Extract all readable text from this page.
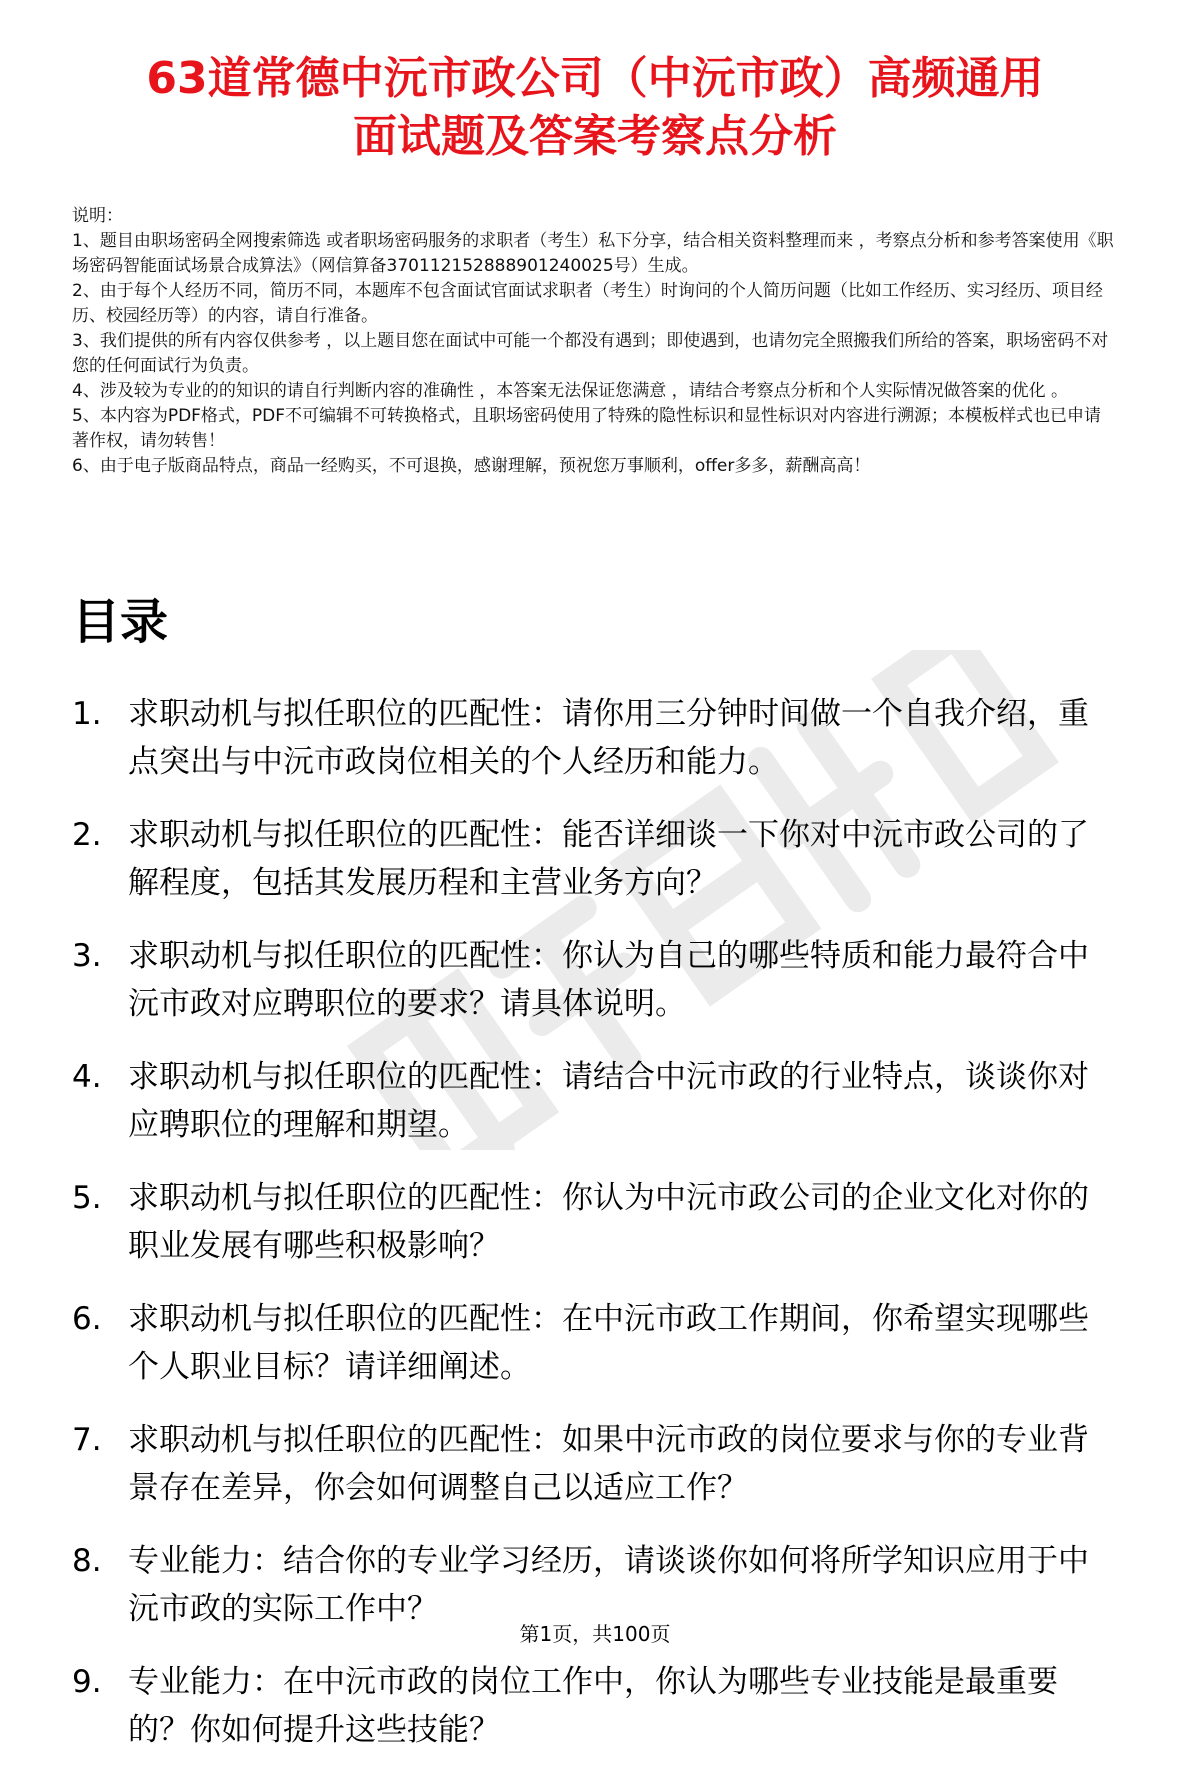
63道常德中沅市政公司（中沅市政）高频通用
面试题及答案考察点分析

说明：

1、题目由职场密码全网搜索筛选 或者职场密码服务的求职者（考生）私下分享，结合相关资料整理而来 ，考察点分析和参考答案使用《职场密码智能面试场景合成算法》（网信算备370112152888901240025号）生成。

2、由于每个人经历不同，简历不同，本题库不包含面试官面试求职者（考生）时询问的个人简历问题（比如工作经历、实习经历、项目经历、校园经历等）的内容，请自行准备。

3、我们提供的所有内容仅供参考 ，以上题目您在面试中可能一个都没有遇到；即使遇到，也请勿完全照搬我们所给的答案，职场密码不对您的任何面试行为负责。

4、涉及较为专业的的知识的请自行判断内容的准确性 ，本答案无法保证您满意 ，请结合考察点分析和个人实际情况做答案的优化 。

5、本内容为PDF格式，PDF不可编辑不可转换格式，且职场密码使用了特殊的隐性标识和显性标识对内容进行溯源；本模板样式也已申请著作权，请勿转售！

6、由于电子版商品特点，商品一经购买，不可退换，感谢理解，预祝您万事顺利，offer多多，薪酬高高！

目录
1. 求职动机与拟任职位的匹配性：请你用三分钟时间做一个自我介绍，重点突出与中沅市政岗位相关的个人经历和能力。
2. 求职动机与拟任职位的匹配性：能否详细谈一下你对中沅市政公司的了解程度，包括其发展历程和主营业务方向？
3. 求职动机与拟任职位的匹配性：你认为自己的哪些特质和能力最符合中沅市政对应聘职位的要求？请具体说明。
4. 求职动机与拟任职位的匹配性：请结合中沅市政的行业特点，谈谈你对应聘职位的理解和期望。
5. 求职动机与拟任职位的匹配性：你认为中沅市政公司的企业文化对你的职业发展有哪些积极影响？
6. 求职动机与拟任职位的匹配性：在中沅市政工作期间，你希望实现哪些个人职业目标？请详细阐述。
7. 求职动机与拟任职位的匹配性：如果中沅市政的岗位要求与你的专业背景存在差异，你会如何调整自己以适应工作？
8. 专业能力：结合你的专业学习经历，请谈谈你如何将所学知识应用于中沅市政的实际工作中？
9. 专业能力：在中沅市政的岗位工作中，你认为哪些专业技能是最重要的？你如何提升这些技能？
第1页，共100页
